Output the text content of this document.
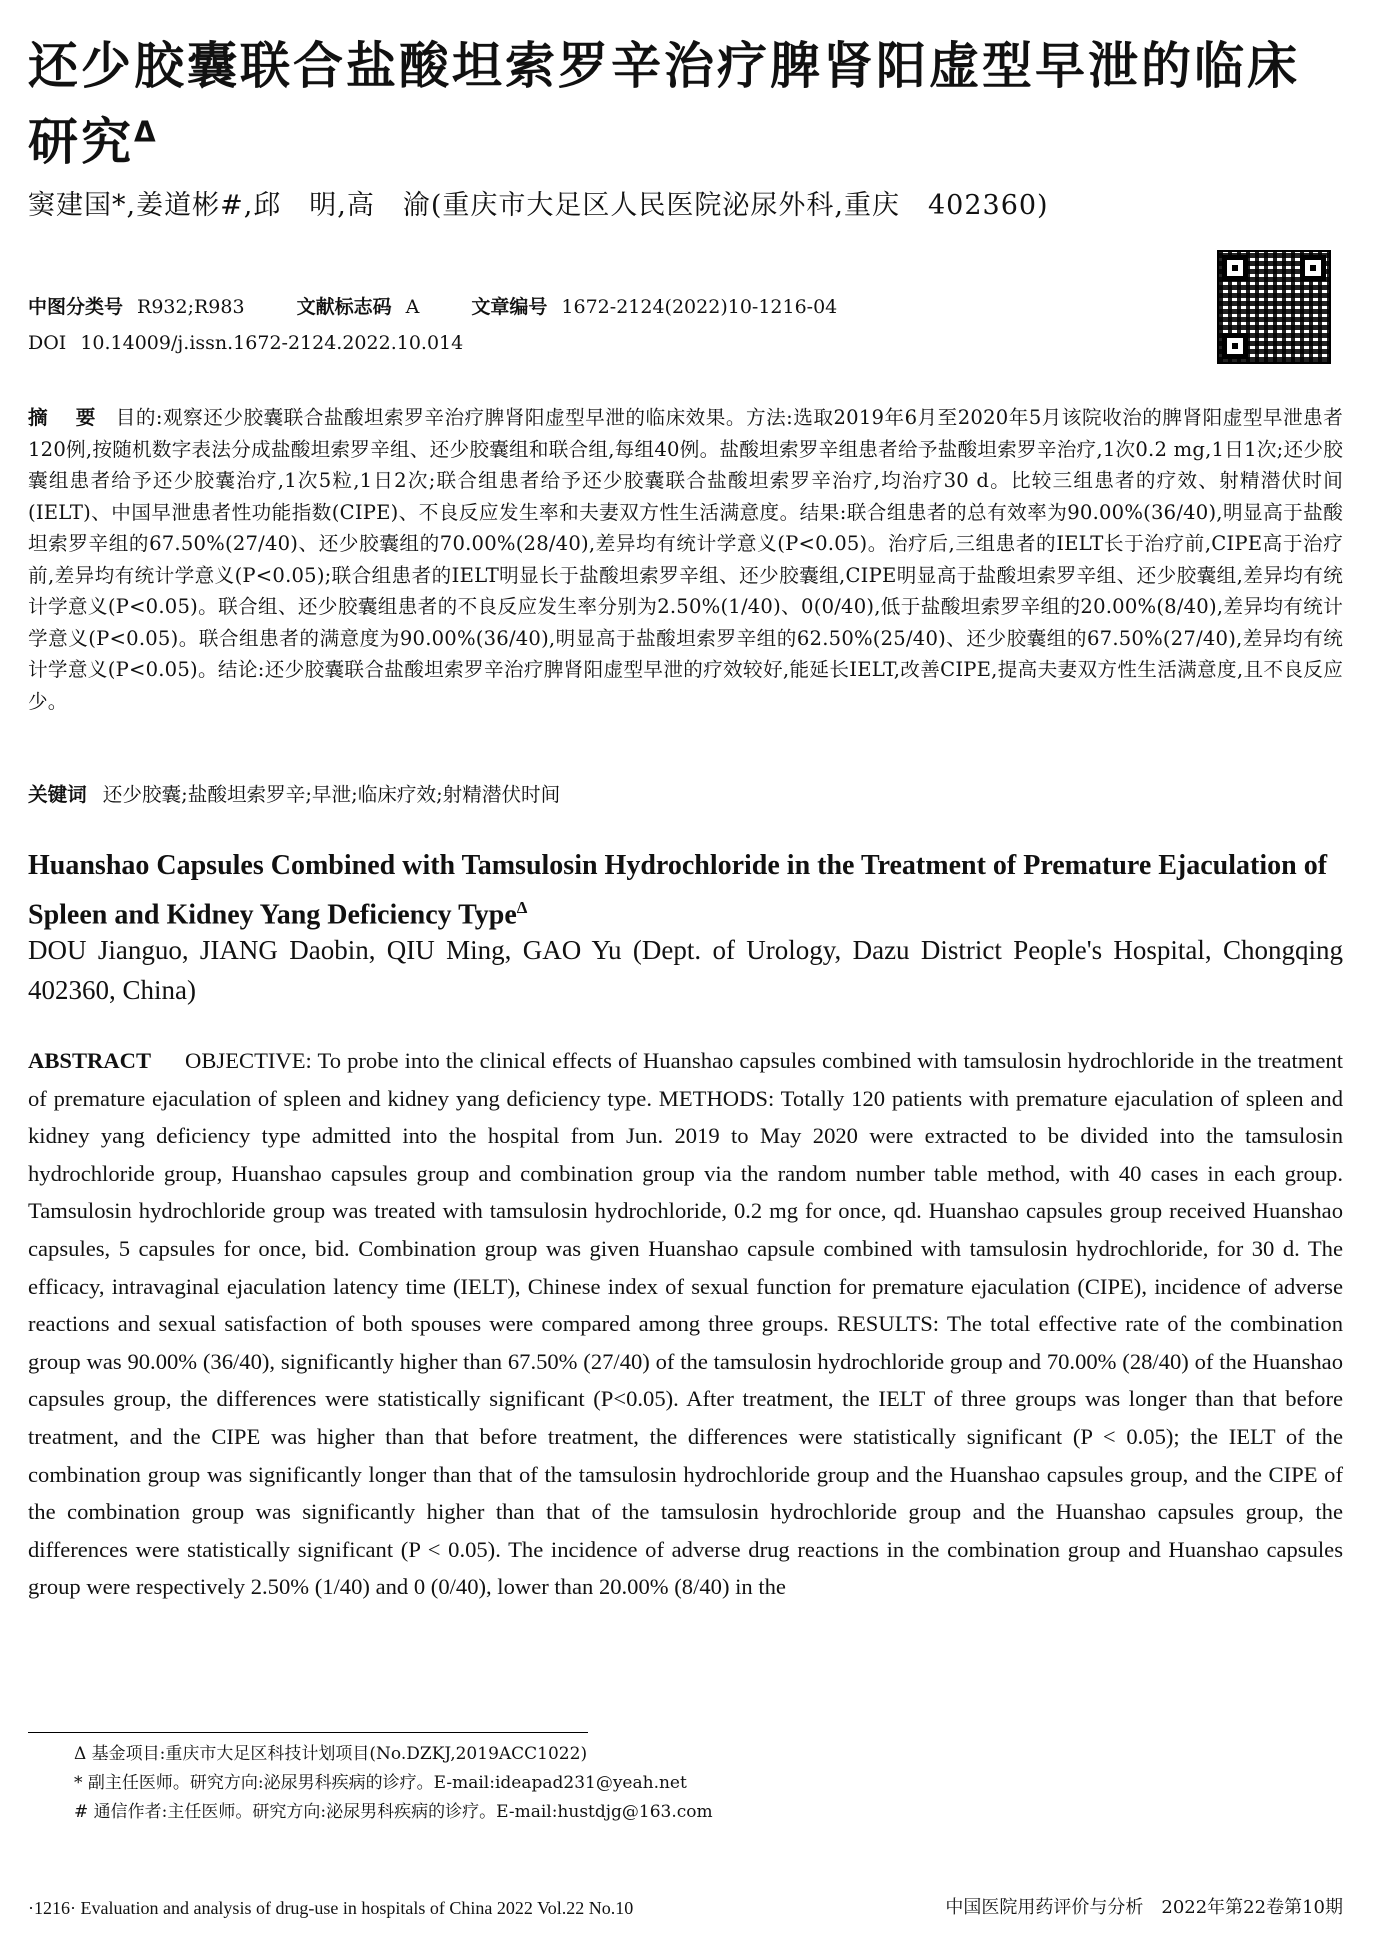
还少胶囊联合盐酸坦索罗辛治疗脾肾阳虚型早泄的临床研究$^\Delta$
窦建国*,姜道彬#,邱　明,高　渝(重庆市大足区人民医院泌尿外科,重庆　402360)
中图分类号 R932;R983	文献标志码 A	文章编号 1672-2124(2022)10-1216-04
DOI 10.14009/j.issn.1672-2124.2022.10.014
摘　要 目的:观察还少胶囊联合盐酸坦索罗辛治疗脾肾阳虚型早泄的临床效果。方法:选取2019年6月至2020年5月该院收治的脾肾阳虚型早泄患者120例,按随机数字表法分成盐酸坦索罗辛组、还少胶囊组和联合组,每组40例。盐酸坦索罗辛组患者给予盐酸坦索罗辛治疗,1次0.2 mg,1日1次;还少胶囊组患者给予还少胶囊治疗,1次5粒,1日2次;联合组患者给予还少胶囊联合盐酸坦索罗辛治疗,均治疗30 d。比较三组患者的疗效、射精潜伏时间(IELT)、中国早泄患者性功能指数(CIPE)、不良反应发生率和夫妻双方性生活满意度。结果:联合组患者的总有效率为90.00%(36/40),明显高于盐酸坦索罗辛组的67.50%(27/40)、还少胶囊组的70.00%(28/40),差异均有统计学意义(P<0.05)。治疗后,三组患者的IELT长于治疗前,CIPE高于治疗前,差异均有统计学意义(P<0.05);联合组患者的IELT明显长于盐酸坦索罗辛组、还少胶囊组,CIPE明显高于盐酸坦索罗辛组、还少胶囊组,差异均有统计学意义(P<0.05)。联合组、还少胶囊组患者的不良反应发生率分别为2.50%(1/40)、0(0/40),低于盐酸坦索罗辛组的20.00%(8/40),差异均有统计学意义(P<0.05)。联合组患者的满意度为90.00%(36/40),明显高于盐酸坦索罗辛组的62.50%(25/40)、还少胶囊组的67.50%(27/40),差异均有统计学意义(P<0.05)。结论:还少胶囊联合盐酸坦索罗辛治疗脾肾阳虚型早泄的疗效较好,能延长IELT,改善CIPE,提高夫妻双方性生活满意度,且不良反应少。
关键词 还少胶囊;盐酸坦索罗辛;早泄;临床疗效;射精潜伏时间
Huanshao Capsules Combined with Tamsulosin Hydrochloride in the Treatment of Premature Ejaculation of Spleen and Kidney Yang Deficiency Type$^\Delta$
DOU Jianguo, JIANG Daobin, QIU Ming, GAO Yu (Dept. of Urology, Dazu District People's Hospital, Chongqing 402360, China)
ABSTRACT OBJECTIVE: To probe into the clinical effects of Huanshao capsules combined with tamsulosin hydrochloride in the treatment of premature ejaculation of spleen and kidney yang deficiency type. METHODS: Totally 120 patients with premature ejaculation of spleen and kidney yang deficiency type admitted into the hospital from Jun. 2019 to May 2020 were extracted to be divided into the tamsulosin hydrochloride group, Huanshao capsules group and combination group via the random number table method, with 40 cases in each group. Tamsulosin hydrochloride group was treated with tamsulosin hydrochloride, 0.2 mg for once, qd. Huanshao capsules group received Huanshao capsules, 5 capsules for once, bid. Combination group was given Huanshao capsule combined with tamsulosin hydrochloride, for 30 d. The efficacy, intravaginal ejaculation latency time (IELT), Chinese index of sexual function for premature ejaculation (CIPE), incidence of adverse reactions and sexual satisfaction of both spouses were compared among three groups. RESULTS: The total effective rate of the combination group was 90.00% (36/40), significantly higher than 67.50% (27/40) of the tamsulosin hydrochloride group and 70.00% (28/40) of the Huanshao capsules group, the differences were statistically significant (P<0.05). After treatment, the IELT of three groups was longer than that before treatment, and the CIPE was higher than that before treatment, the differences were statistically significant (P < 0.05); the IELT of the combination group was significantly longer than that of the tamsulosin hydrochloride group and the Huanshao capsules group, and the CIPE of the combination group was significantly higher than that of the tamsulosin hydrochloride group and the Huanshao capsules group, the differences were statistically significant (P < 0.05). The incidence of adverse drug reactions in the combination group and Huanshao capsules group were respectively 2.50% (1/40) and 0 (0/40), lower than 20.00% (8/40) in the
Δ 基金项目:重庆市大足区科技计划项目(No.DZKJ,2019ACC1022)
* 副主任医师。研究方向:泌尿男科疾病的诊疗。E-mail:ideapad231@yeah.net
# 通信作者:主任医师。研究方向:泌尿男科疾病的诊疗。E-mail:hustdjg@163.com
·1216· Evaluation and analysis of drug-use in hospitals of China 2022 Vol.22 No.10	中国医院用药评价与分析　2022年第22卷第10期
